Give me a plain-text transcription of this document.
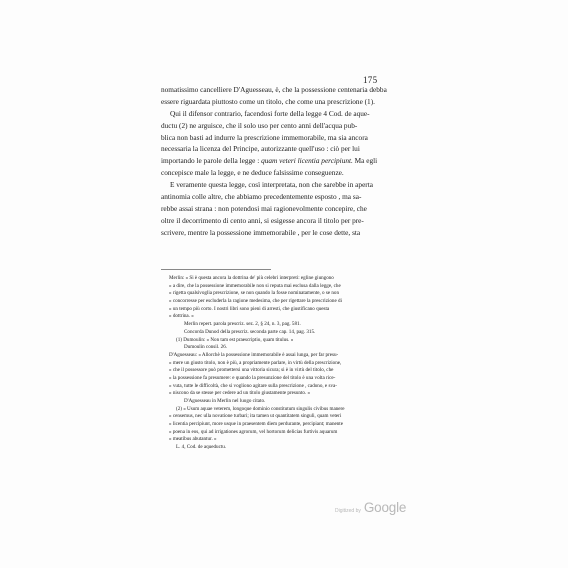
175
nomatissimo cancelliere D'Aguesseau, è, che la possessione centenaria debba
essere riguardata piuttosto come un titolo, che come una prescrizione (1).
Qui il difensor contrario, facendosi forte della legge 4 Cod. de aque-
ductu (2) ne arguisce, che il solo uso per cento anni dell'acqua pub-
blica non basti ad indurre la prescrizione immemorabile, ma sia ancora
necessaria la licenza del Principe, autorizzante quell'uso : ciò per lui
importando le parole della legge : quam veteri licentia percipiunt. Ma egli
concepisce male la legge, e ne deduce falsissime conseguenze.
E veramente questa legge, così interpretata, non che sarebbe in aperta
antinomia colle altre, che abbiamo precedentemente esposto , ma sa-
rebbe assai strana : non potendosi mai ragionevolmente concepire, che
oltre il decorrimento di cento anni, si esigesse ancora il titolo per pre-
scrivere, mentre la possessione immemorabile , per le cose dette, sta
Merlin: « Si è questa ancora la dottrina de' più celebri interpreti: egline giungono
» a dire, che la possessione immemorabile non si reputa mai esclusa dalla legge, che
» rigetta qualsivoglia prescrizione, se non quando la fosse nominatamente, o se non
» concorresse per escluderla la ragione medesima, che per rigettare la prescrizione di
» un tempo più corto. I nostri libri sono pieni di arresti, che giustificano questa
» dottrina. »
Merlin repert. parola prescriz. sez. 2, § 24, n. 3, pag. 581.
Concorda Dunod della prescriz. seconda parte cap. 14, pag. 315.
(1) Dumoulin: « Non tam est praescriptio, quam titulus. »
Dumoulin consil. 26.
D'Aguesseau: « Allorchè la possessione immemorabile è assai lunga, per far presu-
» mere un giusto titolo, non è più, a propriamente parlare, in virtù della prescrizione,
» che il possessore può promettersi una vittoria sicura; si è in virtù del titolo, che
» la possessione fa presumere: e quando la presunzione del titolo è una volta rice-
» vuta, tutte le difficoltà, che si vogliono agitare sulla prescrizione , cadono, e sva-
» niscono da se stesse per cedere ad un titolo giustamente presunto. »
D'Aguesseau in Merlin nel luogo citato.
(2) « Usum aquae veterem, longoque dominio constitutum singulis civibus manere
» censemus, nec ulla novatione turbari; ita tamen ut quantitatem singuli, quam veteri
» licentia percipiunt, more usque in praesentem diem perdurante, percipiant; manente
» poena in eos, qui ad irrigationes agrorum, vel hortorum delicias furtivis aquarum
» meatibus abutantur. »
L. 4, Cod. de aqueductu.
Digitized by Google
